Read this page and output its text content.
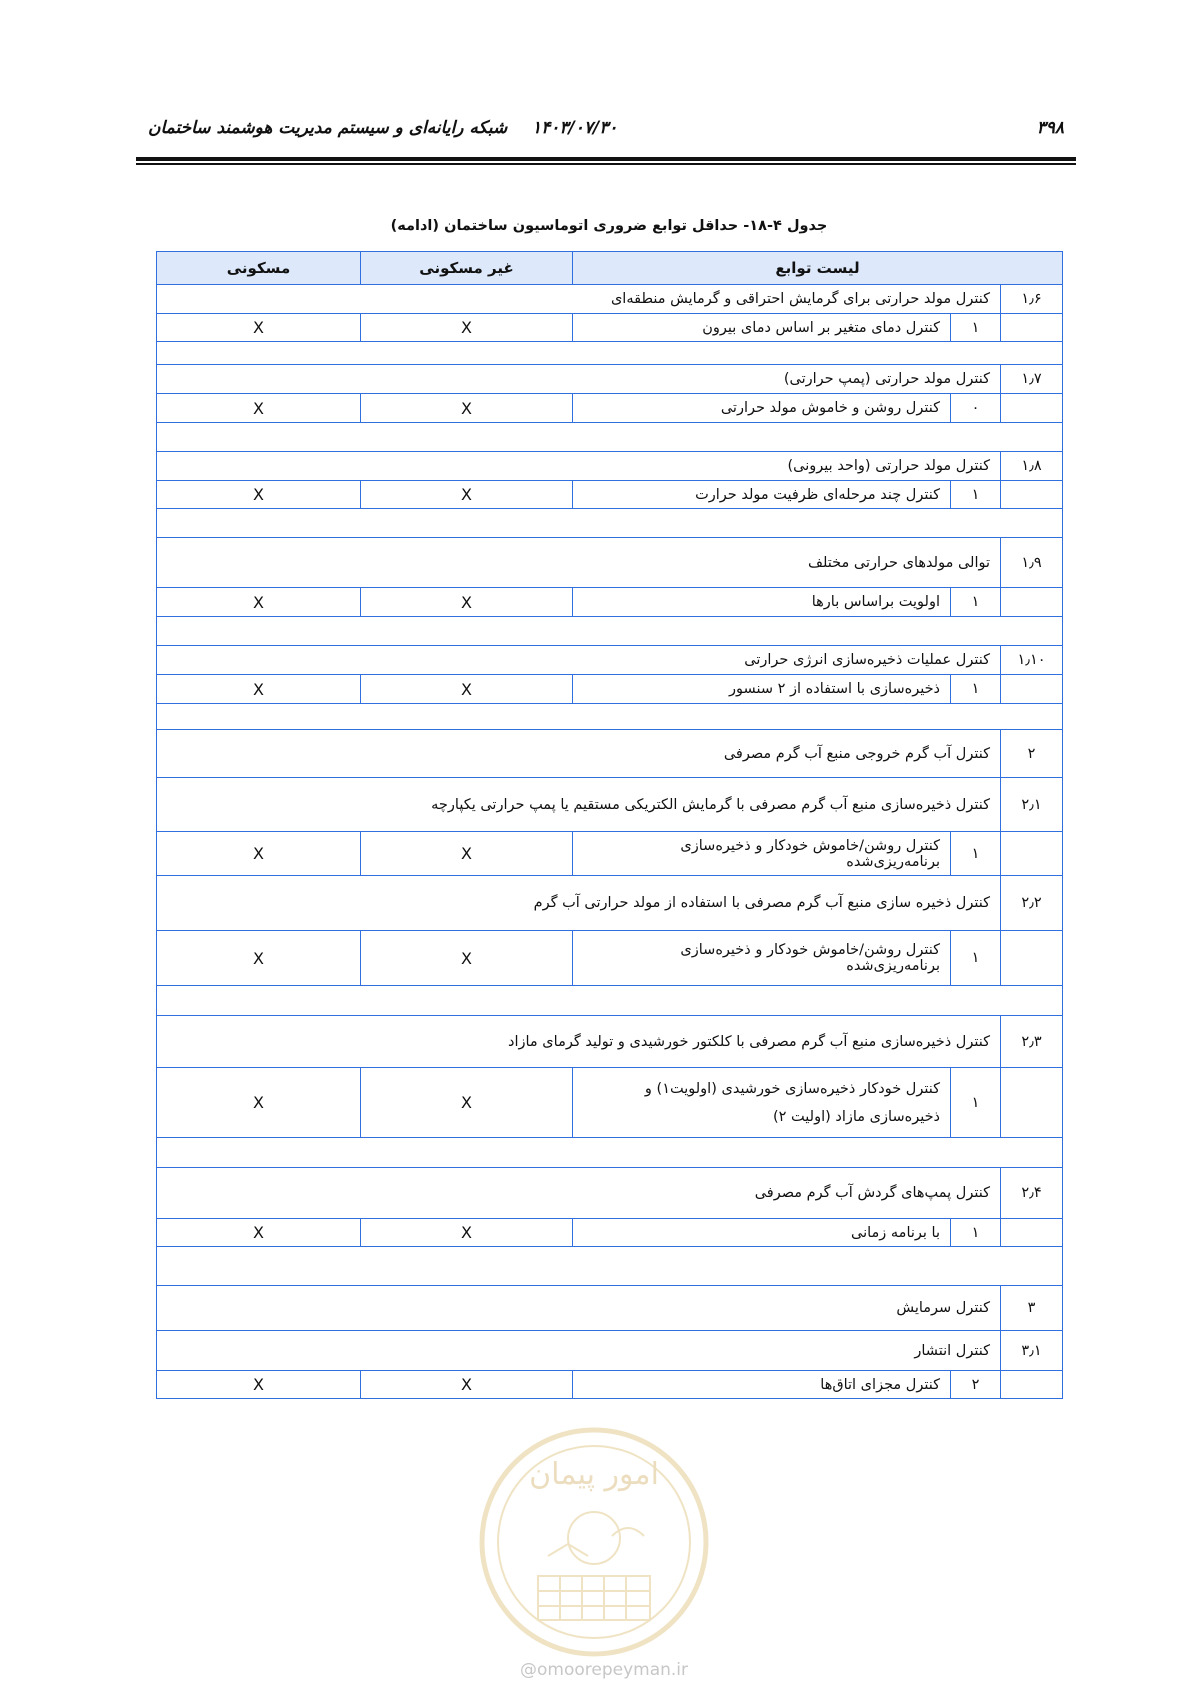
۳۹۸
۱۴۰۳/۰۷/۳۰
شبکه رایانه‌ای و سیستم مدیریت هوشمند ساختمان
جدول ۴-۱۸- حداقل توابع ضروری اتوماسیون ساختمان (ادامه)
لیست توابع			غیر مسکونی	مسکونی
۱٫۶	کنترل مولد حرارتی برای گرمایش احتراقی و گرمایش منطقه‌ای			
	۱	کنترل دمای متغیر بر اساس دمای بیرون	X	X

۱٫۷	کنترل مولد حرارتی (پمپ حرارتی)			
	۰	کنترل روشن و خاموش مولد حرارتی	X	X

۱٫۸	کنترل مولد حرارتی (واحد بیرونی)			
	۱	کنترل چند مرحله‌ای ظرفیت مولد حرارت	X	X

۱٫۹	توالی مولدهای حرارتی مختلف			
	۱	اولویت براساس بارها	X	X

۱٫۱۰	کنترل عملیات ذخیره‌سازی انرژی حرارتی			
	۱	ذخیره‌سازی با استفاده از ۲ سنسور	X	X

۲	کنترل آب گرم خروجی منبع آب گرم مصرفی			
۲٫۱	کنترل ذخیره‌سازی منبع آب گرم مصرفی با گرمایش الکتریکی مستقیم یا پمپ حرارتی یکپارچه			
	۱	کنترل روشن/خاموش خودکار و ذخیره‌سازی برنامه‌ریزی‌شده	X	X
۲٫۲	کنترل ذخیره سازی منبع آب گرم مصرفی با استفاده از مولد حرارتی آب گرم			
	۱	کنترل روشن/خاموش خودکار و ذخیره‌سازی برنامه‌ریزی‌شده	X	X

۲٫۳	کنترل ذخیره‌سازی منبع آب گرم مصرفی با کلکتور خورشیدی و تولید گرمای مازاد			
	۱	کنترل خودکار ذخیره‌سازی خورشیدی (اولویت۱) و ذخیره‌سازی مازاد (اولیت ۲)	X	X

۲٫۴	کنترل پمپ‌های گردش آب گرم مصرفی			
	۱	با برنامه زمانی	X	X

۳	کنترل سرمایش			
۳٫۱	کنترل انتشار			
	۲	کنترل مجزای اتاق‌ها	X	X
امور پیمان
@omoorepeyman.ir
